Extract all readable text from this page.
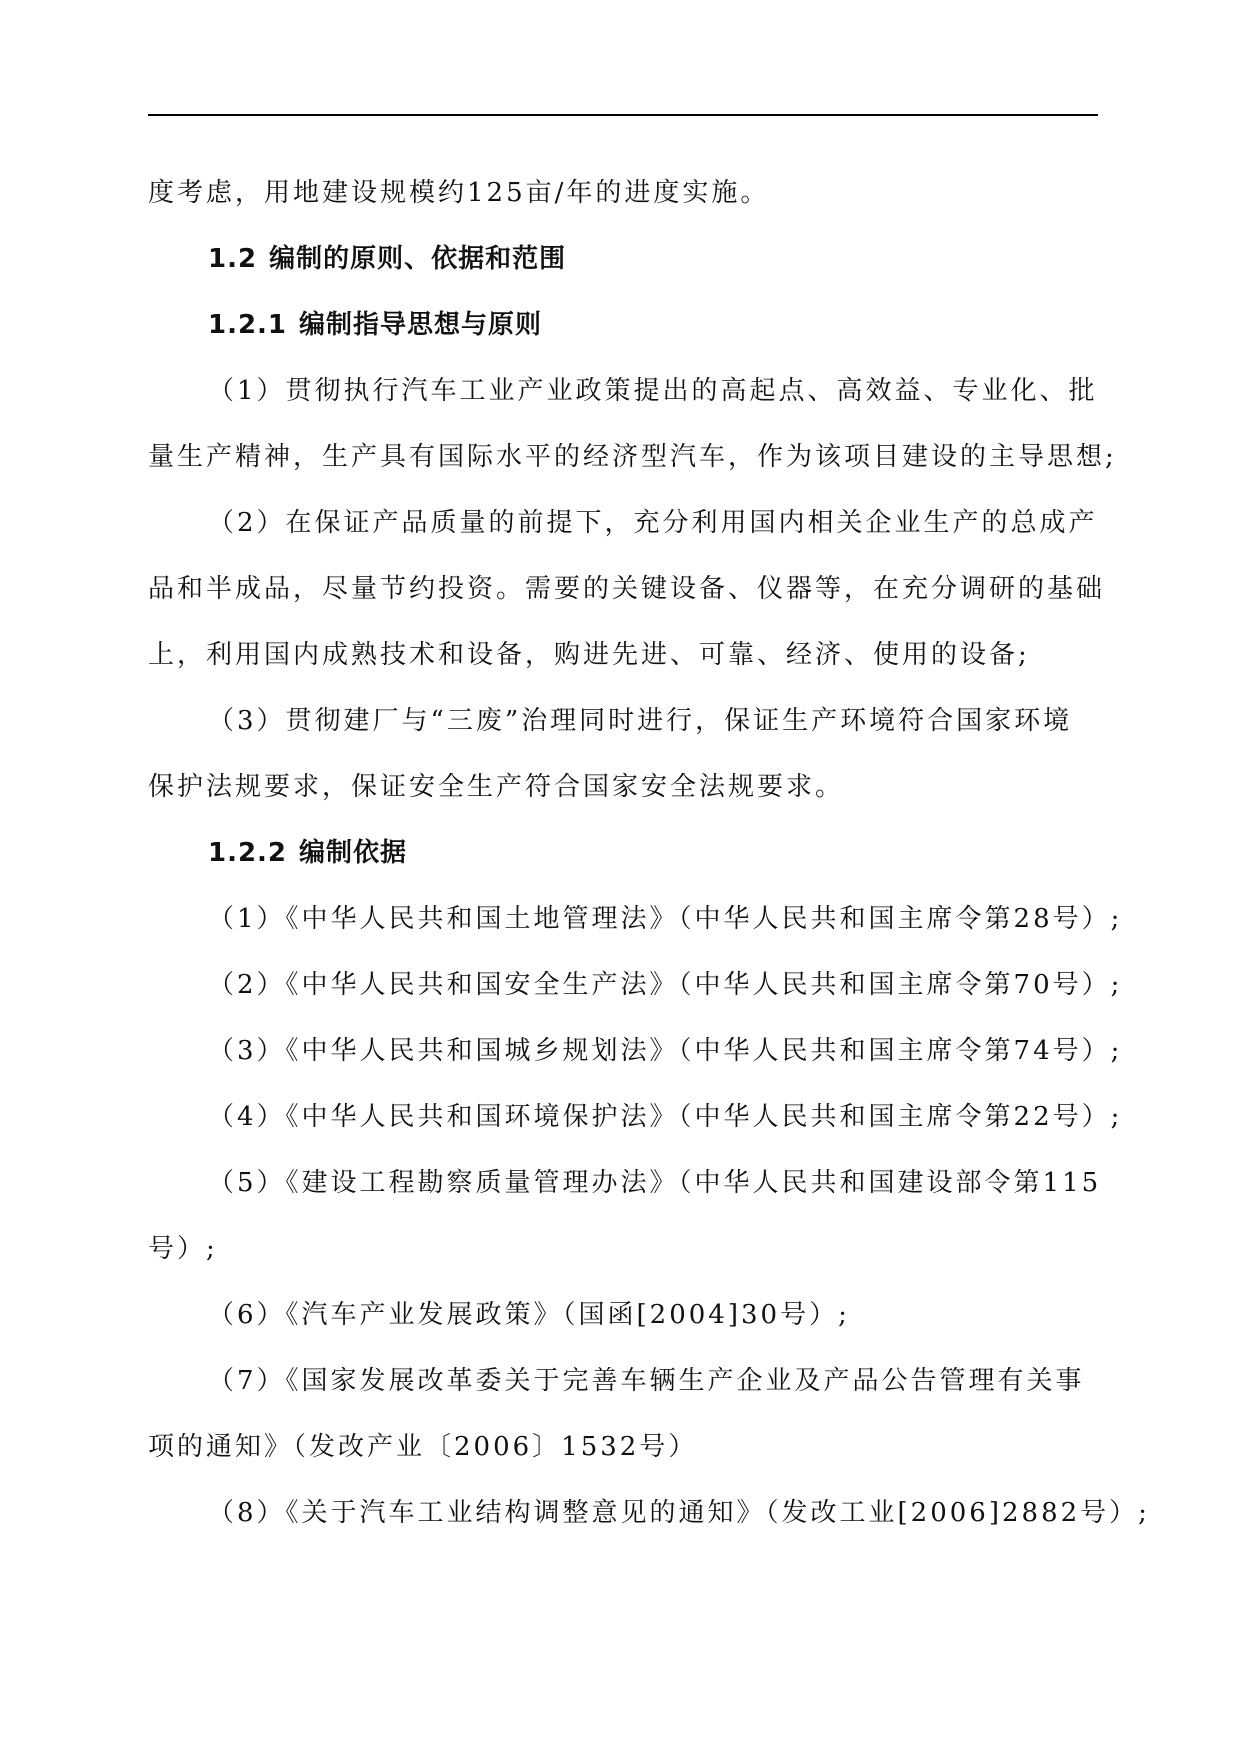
度考虑，用地建设规模约125亩/年的进度实施。
1.2 编制的原则、依据和范围
1.2.1 编制指导思想与原则
（1）贯彻执行汽车工业产业政策提出的高起点、高效益、专业化、批
量生产精神，生产具有国际水平的经济型汽车，作为该项目建设的主导思想;
（2）在保证产品质量的前提下，充分利用国内相关企业生产的总成产
品和半成品，尽量节约投资。需要的关键设备、仪器等，在充分调研的基础
上，利用国内成熟技术和设备，购进先进、可靠、经济、使用的设备;
（3）贯彻建厂与“三废”治理同时进行，保证生产环境符合国家环境
保护法规要求，保证安全生产符合国家安全法规要求。
1.2.2 编制依据
（1）《中华人民共和国土地管理法》（中华人民共和国主席令第28号）;
（2）《中华人民共和国安全生产法》（中华人民共和国主席令第70号）;
（3）《中华人民共和国城乡规划法》（中华人民共和国主席令第74号）;
（4）《中华人民共和国环境保护法》（中华人民共和国主席令第22号）;
（5）《建设工程勘察质量管理办法》（中华人民共和国建设部令第115
号）;
（6）《汽车产业发展政策》（国函[2004]30号）;
（7）《国家发展改革委关于完善车辆生产企业及产品公告管理有关事
项的通知》（发改产业〔2006〕1532号）
（8）《关于汽车工业结构调整意见的通知》（发改工业[2006]2882号）;
